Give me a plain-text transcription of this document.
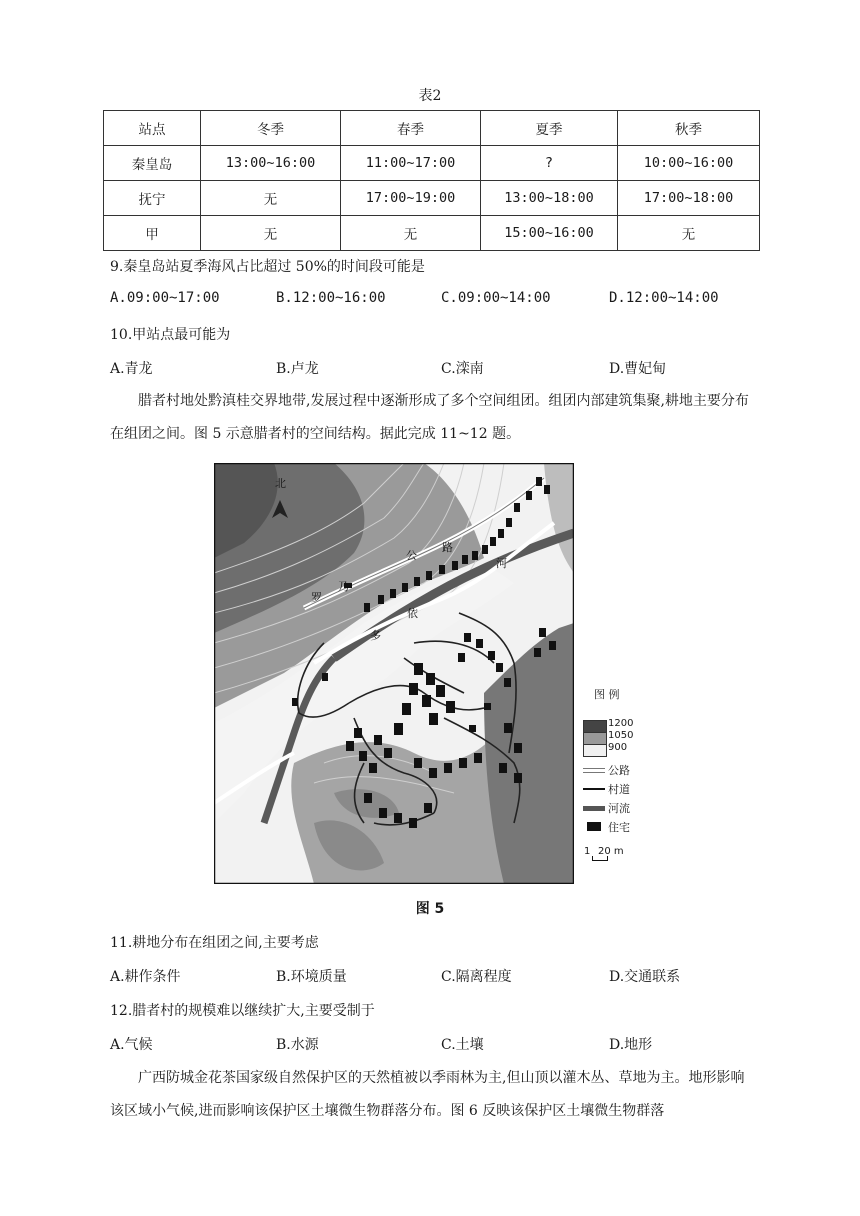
表2
站点	冬季	春季	夏季	秋季
秦皇岛	13:00~16:00	11:00~17:00	?	10:00~16:00
抚宁	无	17:00~19:00	13:00~18:00	17:00~18:00
甲	无	无	15:00~16:00	无
9.秦皇岛站夏季海风占比超过 50%的时间段可能是
A.09:00~17:00	B.12:00~16:00	C.09:00~14:00	D.12:00~14:00
10.甲站点最可能为
A.青龙	B.卢龙	C.滦南	D.曹妃甸
腊者村地处黔滇桂交界地带,发展过程中逐渐形成了多个空间组团。组团内部建筑集聚,耕地主要分布在组团之间。图 5 示意腊者村的空间结构。据此完成 11~12 题。
北
公
路
罗
乃
多
依
河
图 例
1200
1050
900
公路
村道
河流
住宅
1 20 m
图 5
11.耕地分布在组团之间,主要考虑
A.耕作条件	B.环境质量	C.隔离程度	D.交通联系
12.腊者村的规模难以继续扩大,主要受制于
A.气候	B.水源	C.土壤	D.地形
广西防城金花茶国家级自然保护区的天然植被以季雨林为主,但山顶以灌木丛、草地为主。地形影响该区域小气候,进而影响该保护区土壤微生物群落分布。图 6 反映该保护区土壤微生物群落
